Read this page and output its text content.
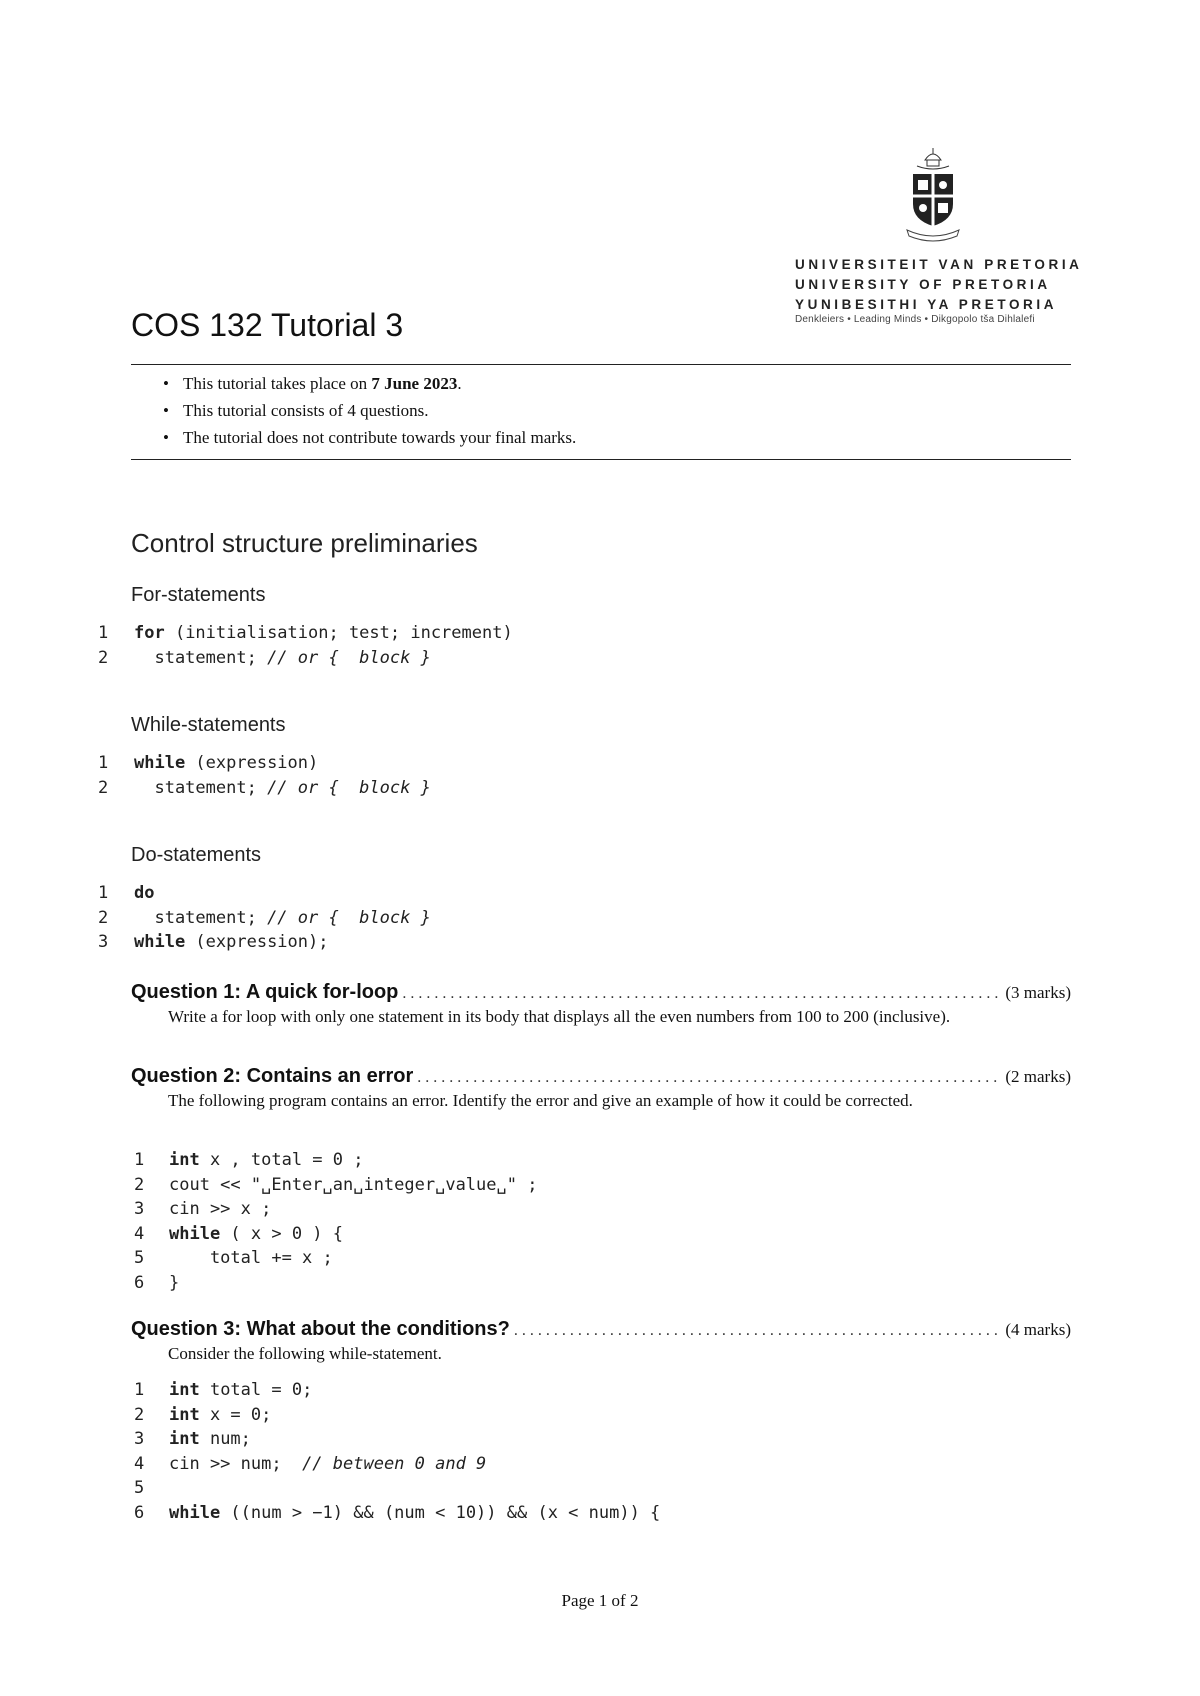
UNIVERSITEIT VAN PRETORIA
UNIVERSITY OF PRETORIA
YUNIBESITHI YA PRETORIA
Denkleiers • Leading Minds • Dikgopolo tša Dihlalefi
COS 132 Tutorial 3
• This tutorial takes place on 7 June 2023.
• This tutorial consists of 4 questions.
• The tutorial does not contribute towards your final marks.
Control structure preliminaries
For-statements
1 for (initialisation; test; increment)
2  statement; // or {  block }
While-statements
1 while (expression)
2  statement; // or {  block }
Do-statements
1 do
2  statement; // or {  block }
3 while (expression);
Question 1: A quick for-loop . . .	(3 marks)
Write a for loop with only one statement in its body that displays all the even numbers from 100 to 200 (inclusive).
Question 2: Contains an error . . .	(2 marks)
The following program contains an error. Identify the error and give an example of how it could be corrected.
1 int x , total = 0 ;
2 cout << "␣Enter␣an␣integer␣value␣" ;
3 cin >> x ;
4 while ( x > 0 ) {
5    total += x ;
6 }
Question 3: What about the conditions? . . .	(4 marks)
Consider the following while-statement.
1 int total = 0;
2 int x = 0;
3 int num;
4 cin >> num;  // between 0 and 9
5
6 while ((num > −1) && (num < 10)) && (x < num)) {
Page 1 of 2
